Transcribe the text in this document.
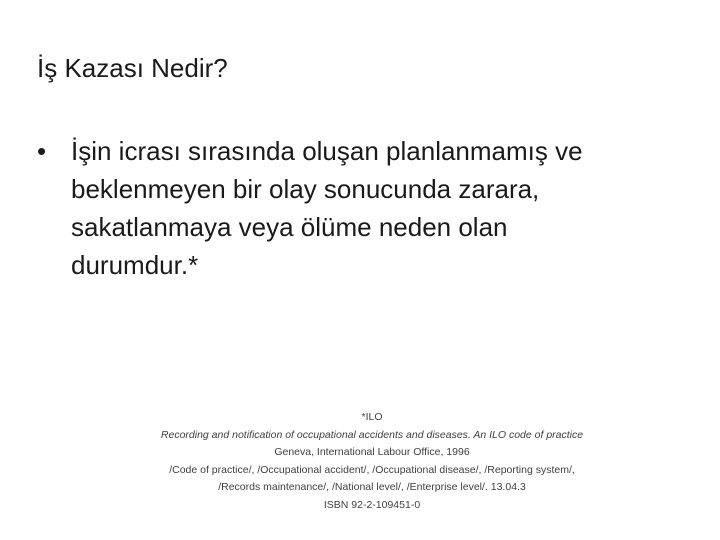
İş Kazası Nedir?
• İşin icrası sırasında oluşan planlanmamış ve
beklenmeyen bir olay sonucunda zarara,
sakatlanmaya veya ölüme neden olan
durumdur.*
*ILO
Recording and notification of occupational accidents and diseases. An ILO code of practice
Geneva, International Labour Office, 1996
/Code of practice/, /Occupational accident/, /Occupational disease/, /Reporting system/,
/Records maintenance/, /National level/, /Enterprise level/. 13.04.3
ISBN 92-2-109451-0
